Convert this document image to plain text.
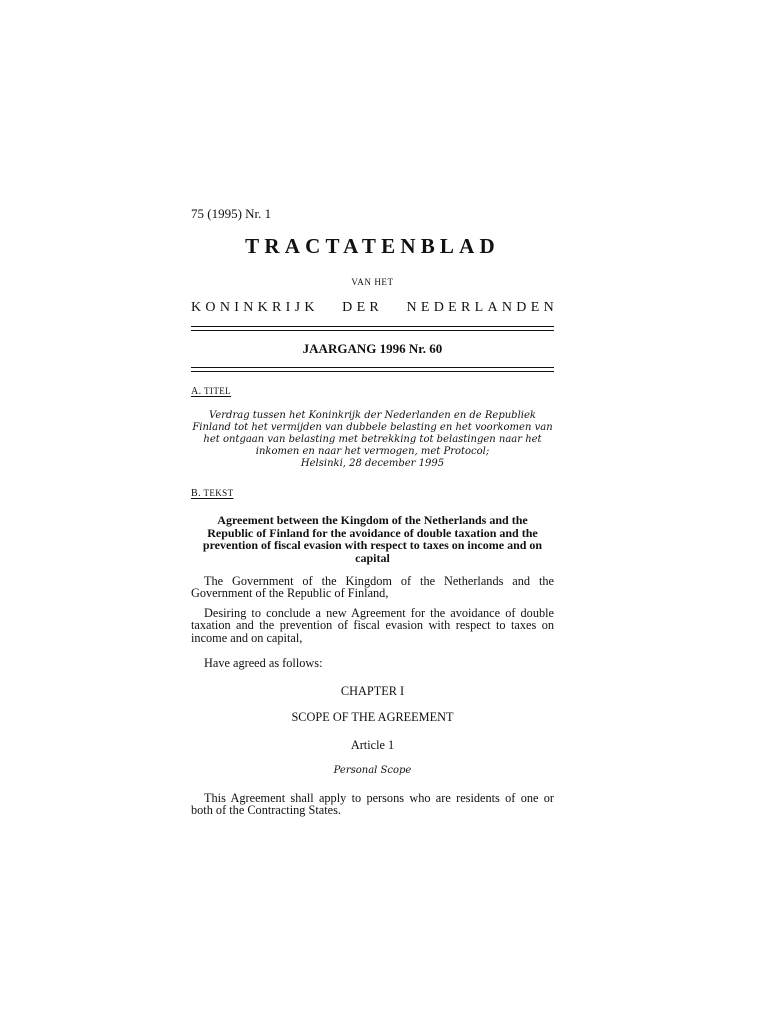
75 (1995) Nr. 1
TRACTATENBLAD
VAN HET
KONINKRIJK DER NEDERLANDEN
JAARGANG 1996 Nr. 60
A. TITEL
Verdrag tussen het Koninkrijk der Nederlanden en de Republiek
Finland tot het vermijden van dubbele belasting en het voorkomen van
het ontgaan van belasting met betrekking tot belastingen naar het
inkomen en naar het vermogen, met Protocol;
Helsinki, 28 december 1995
B. TEKST
Agreement between the Kingdom of the Netherlands and the
Republic of Finland for the avoidance of double taxation and the
prevention of fiscal evasion with respect to taxes on income and on
capital
The Government of the Kingdom of the Netherlands and the Government of the Republic of Finland,
Desiring to conclude a new Agreement for the avoidance of double taxation and the prevention of fiscal evasion with respect to taxes on income and on capital,
Have agreed as follows:
CHAPTER I
SCOPE OF THE AGREEMENT
Article 1
Personal Scope
This Agreement shall apply to persons who are residents of one or both of the Contracting States.
